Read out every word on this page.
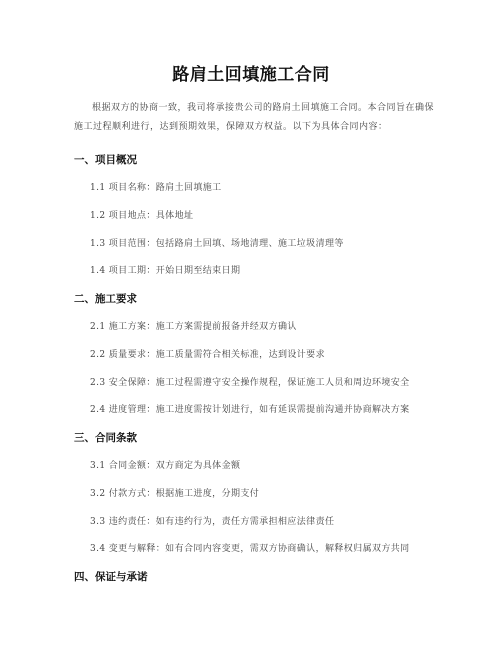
路肩土回填施工合同
根据双方的协商一致，我司将承接贵公司的路肩土回填施工合同。本合同旨在确保施工过程顺利进行，达到预期效果，保障双方权益。以下为具体合同内容：
一、项目概况
1.1 项目名称：路肩土回填施工
1.2 项目地点：具体地址
1.3 项目范围：包括路肩土回填、场地清理、施工垃圾清理等
1.4 项目工期：开始日期至结束日期
二、施工要求
2.1 施工方案：施工方案需提前报备并经双方确认
2.2 质量要求：施工质量需符合相关标准，达到设计要求
2.3 安全保障：施工过程需遵守安全操作规程，保证施工人员和周边环境安全
2.4 进度管理：施工进度需按计划进行，如有延误需提前沟通并协商解决方案
三、合同条款
3.1 合同金额：双方商定为具体金额
3.2 付款方式：根据施工进度，分期支付
3.3 违约责任：如有违约行为，责任方需承担相应法律责任
3.4 变更与解释：如有合同内容变更，需双方协商确认，解释权归属双方共同
四、保证与承诺
